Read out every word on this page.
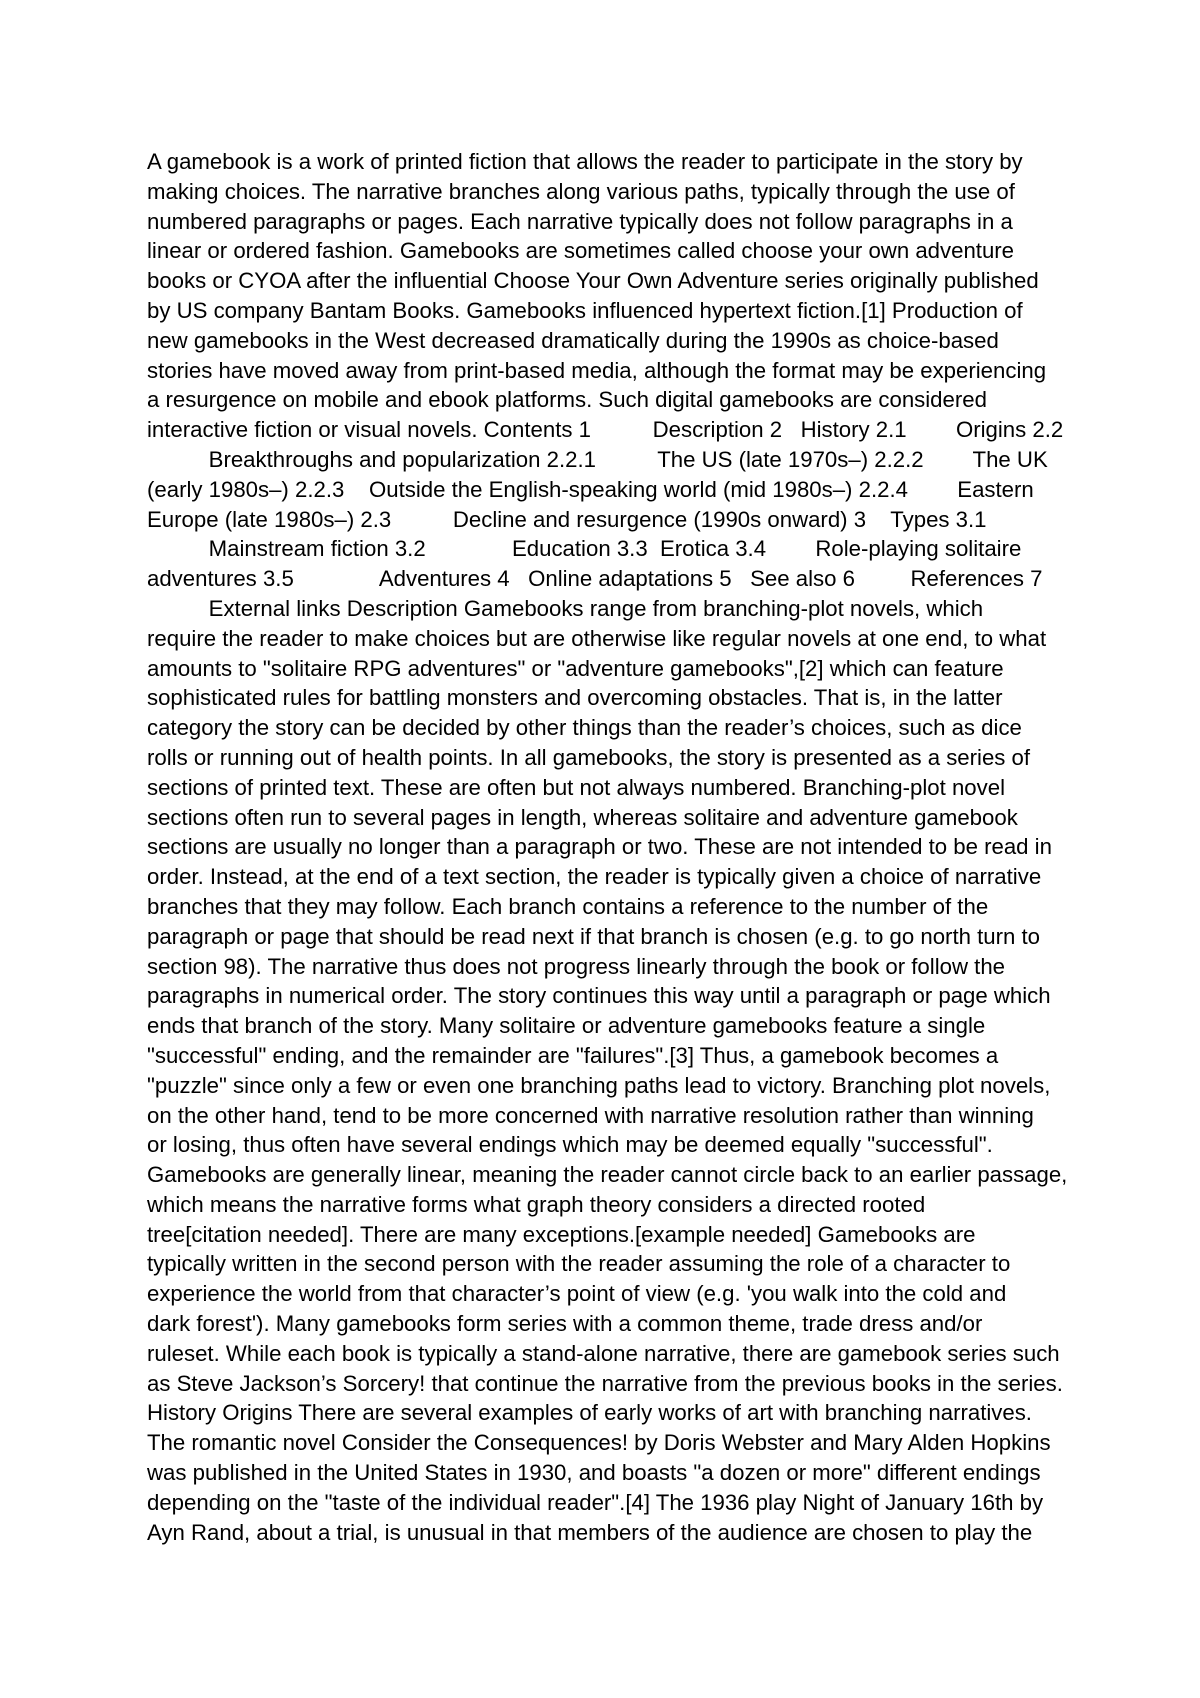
A gamebook is a work of printed fiction that allows the reader to participate in the story by
making choices. The narrative branches along various paths, typically through the use of
numbered paragraphs or pages. Each narrative typically does not follow paragraphs in a
linear or ordered fashion. Gamebooks are sometimes called choose your own adventure
books or CYOA after the influential Choose Your Own Adventure series originally published
by US company Bantam Books. Gamebooks influenced hypertext fiction.[1] Production of
new gamebooks in the West decreased dramatically during the 1990s as choice-based
stories have moved away from print-based media, although the format may be experiencing
a resurgence on mobile and ebook platforms. Such digital gamebooks are considered
interactive fiction or visual novels. Contents 1          Description 2   History 2.1        Origins 2.2
Breakthroughs and popularization 2.2.1          The US (late 1970s–) 2.2.2        The UK
(early 1980s–) 2.2.3    Outside the English-speaking world (mid 1980s–) 2.2.4        Eastern
Europe (late 1980s–) 2.3          Decline and resurgence (1990s onward) 3    Types 3.1
Mainstream fiction 3.2              Education 3.3  Erotica 3.4        Role-playing solitaire
adventures 3.5              Adventures 4   Online adaptations 5   See also 6         References 7
External links Description Gamebooks range from branching-plot novels, which
require the reader to make choices but are otherwise like regular novels at one end, to what
amounts to "solitaire RPG adventures" or "adventure gamebooks",[2] which can feature
sophisticated rules for battling monsters and overcoming obstacles. That is, in the latter
category the story can be decided by other things than the reader’s choices, such as dice
rolls or running out of health points. In all gamebooks, the story is presented as a series of
sections of printed text. These are often but not always numbered. Branching-plot novel
sections often run to several pages in length, whereas solitaire and adventure gamebook
sections are usually no longer than a paragraph or two. These are not intended to be read in
order. Instead, at the end of a text section, the reader is typically given a choice of narrative
branches that they may follow. Each branch contains a reference to the number of the
paragraph or page that should be read next if that branch is chosen (e.g. to go north turn to
section 98). The narrative thus does not progress linearly through the book or follow the
paragraphs in numerical order. The story continues this way until a paragraph or page which
ends that branch of the story. Many solitaire or adventure gamebooks feature a single
"successful" ending, and the remainder are "failures".[3] Thus, a gamebook becomes a
"puzzle" since only a few or even one branching paths lead to victory. Branching plot novels,
on the other hand, tend to be more concerned with narrative resolution rather than winning
or losing, thus often have several endings which may be deemed equally "successful".
Gamebooks are generally linear, meaning the reader cannot circle back to an earlier passage,
which means the narrative forms what graph theory considers a directed rooted
tree[citation needed]. There are many exceptions.[example needed] Gamebooks are
typically written in the second person with the reader assuming the role of a character to
experience the world from that character’s point of view (e.g. 'you walk into the cold and
dark forest'). Many gamebooks form series with a common theme, trade dress and/or
ruleset. While each book is typically a stand-alone narrative, there are gamebook series such
as Steve Jackson’s Sorcery! that continue the narrative from the previous books in the series.
History Origins There are several examples of early works of art with branching narratives.
The romantic novel Consider the Consequences! by Doris Webster and Mary Alden Hopkins
was published in the United States in 1930, and boasts "a dozen or more" different endings
depending on the "taste of the individual reader".[4] The 1936 play Night of January 16th by
Ayn Rand, about a trial, is unusual in that members of the audience are chosen to play the
